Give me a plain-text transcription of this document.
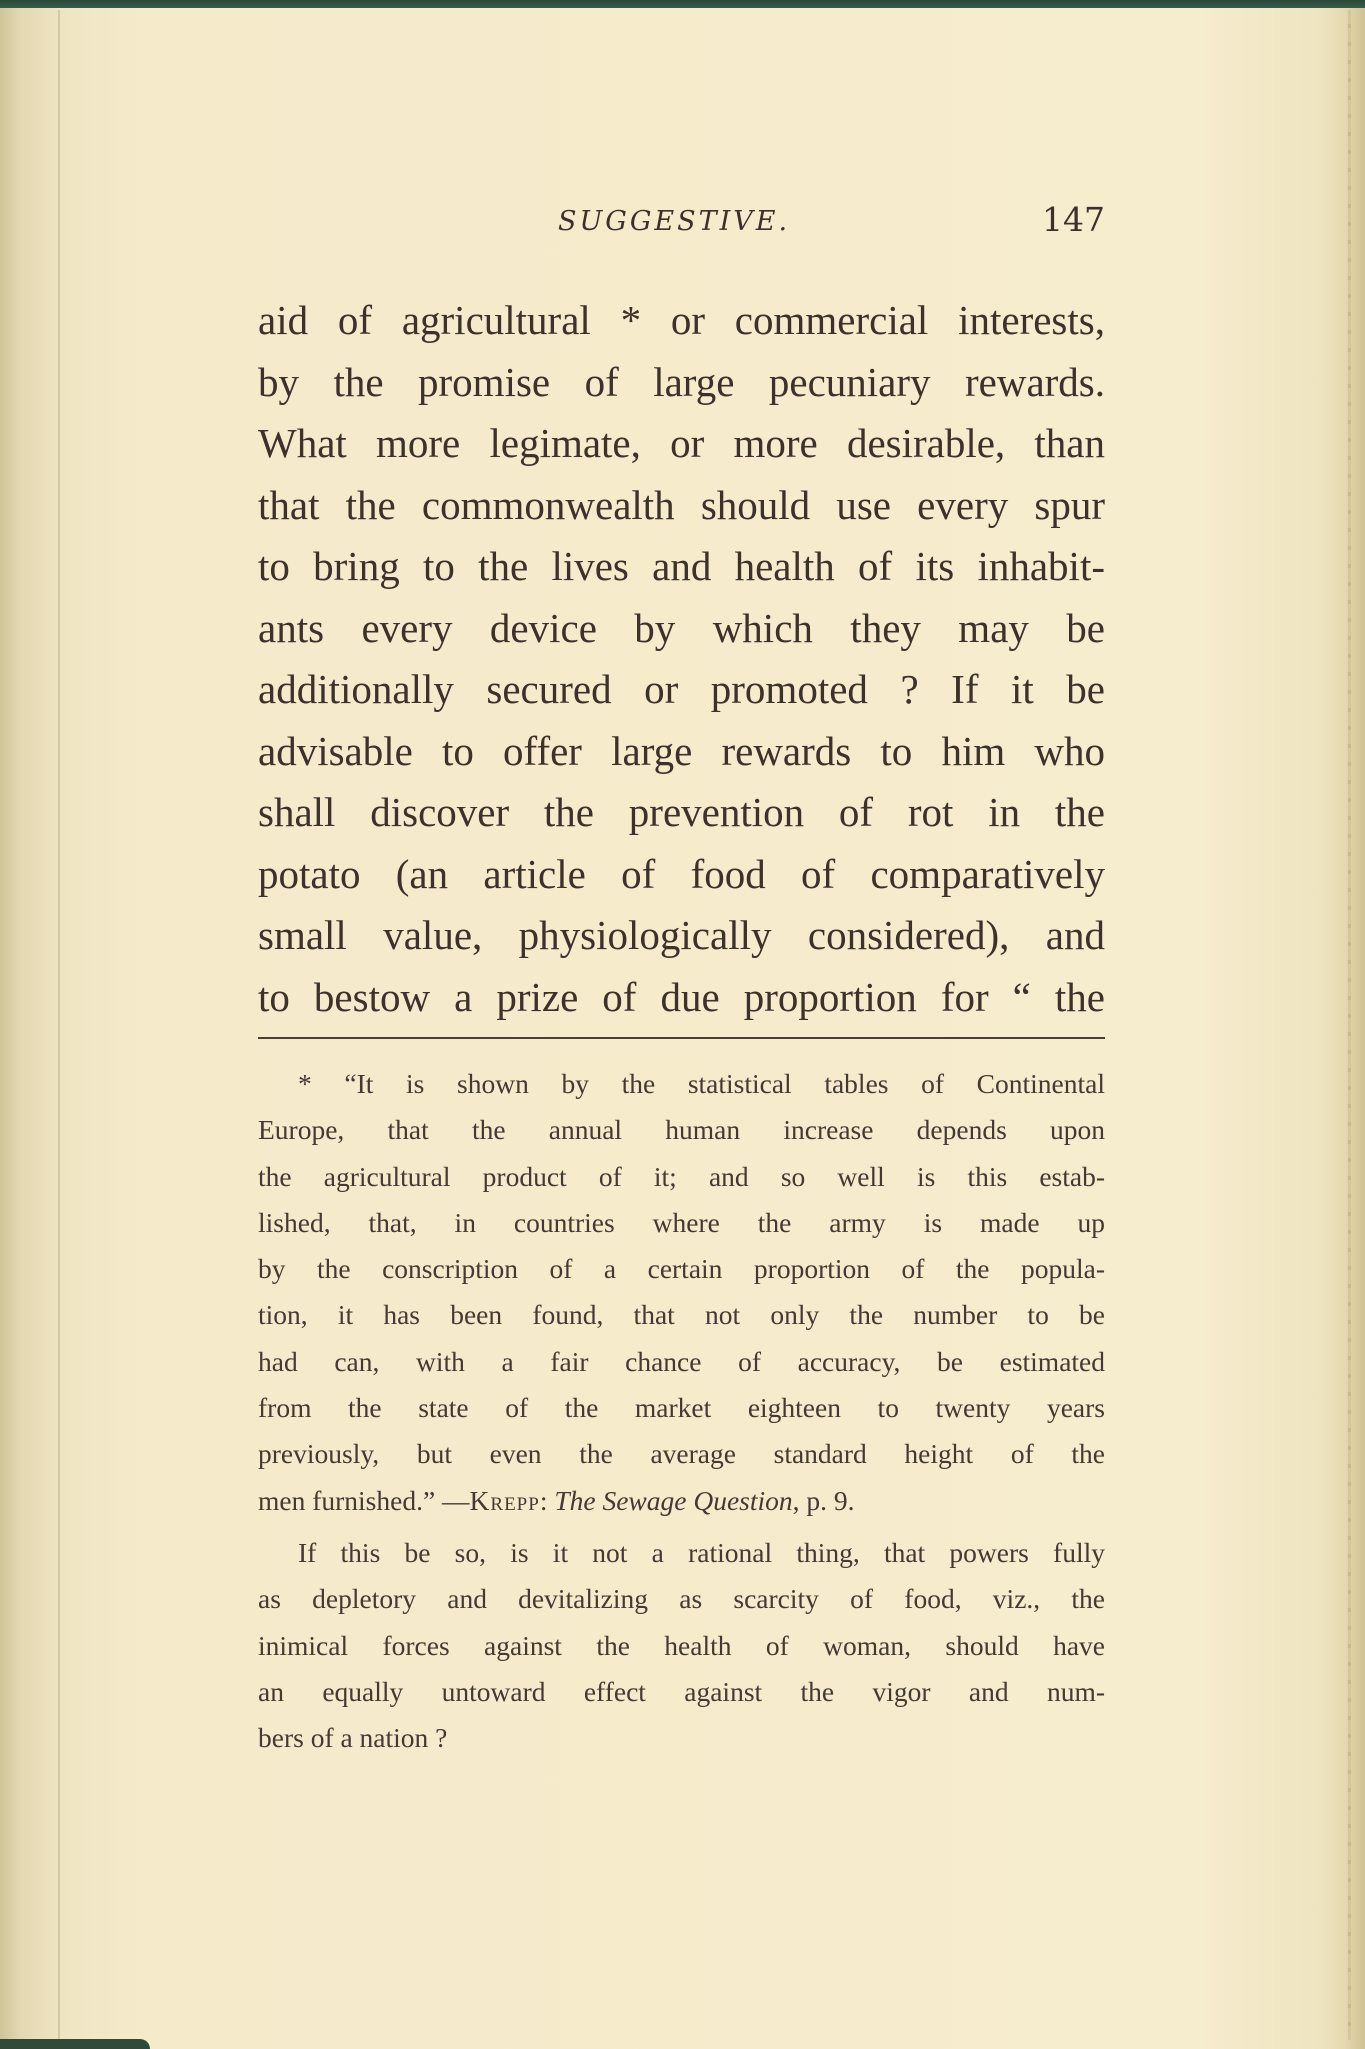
SUGGESTIVE.	147
aid of agricultural * or commercial interests,
by the promise of large pecuniary rewards.
What more legimate, or more desirable, than
that the commonwealth should use every spur
to bring to the lives and health of its inhabit-
ants every device by which they may be
additionally secured or promoted ? If it be
advisable to offer large rewards to him who
shall discover the prevention of rot in the
potato (an article of food of comparatively
small value, physiologically considered), and
to bestow a prize of due proportion for “ the
* “It is shown by the statistical tables of Continental
Europe, that the annual human increase depends upon
the agricultural product of it; and so well is this estab-
lished, that, in countries where the army is made up
by the conscription of a certain proportion of the popula-
tion, it has been found, that not only the number to be
had can, with a fair chance of accuracy, be estimated
from the state of the market eighteen to twenty years
previously, but even the average standard height of the
men furnished.” —Krepp: The Sewage Question, p. 9.
If this be so, is it not a rational thing, that powers fully
as depletory and devitalizing as scarcity of food, viz., the
inimical forces against the health of woman, should have
an equally untoward effect against the vigor and num-
bers of a nation ?
